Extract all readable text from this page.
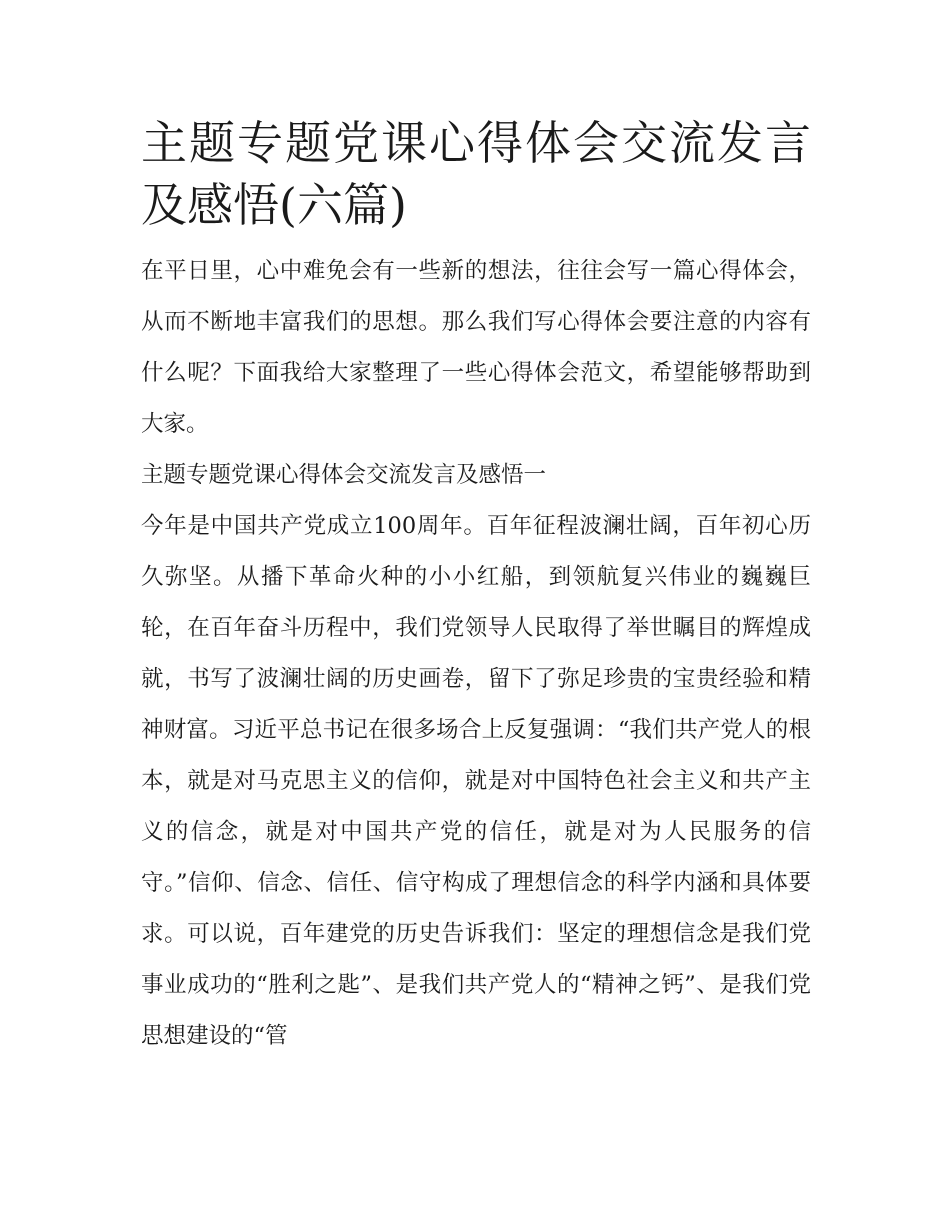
主题专题党课心得体会交流发言及感悟(六篇)

在平日里，心中难免会有一些新的想法，往往会写一篇心得体会，从而不断地丰富我们的思想。那么我们写心得体会要注意的内容有什么呢？下面我给大家整理了一些心得体会范文，希望能够帮助到大家。

主题专题党课心得体会交流发言及感悟一

今年是中国共产党成立100周年。百年征程波澜壮阔，百年初心历久弥坚。从播下革命火种的小小红船，到领航复兴伟业的巍巍巨轮，在百年奋斗历程中，我们党领导人民取得了举世瞩目的辉煌成就，书写了波澜壮阔的历史画卷，留下了弥足珍贵的宝贵经验和精神财富。习近平总书记在很多场合上反复强调：“我们共产党人的根本，就是对马克思主义的信仰，就是对中国特色社会主义和共产主义的信念，就是对中国共产党的信任，就是对为人民服务的信守。”信仰、信念、信任、信守构成了理想信念的科学内涵和具体要求。可以说，百年建党的历史告诉我们：坚定的理想信念是我们党事业成功的“胜利之匙”、是我们共产党人的“精神之钙”、是我们党思想建设的“管
